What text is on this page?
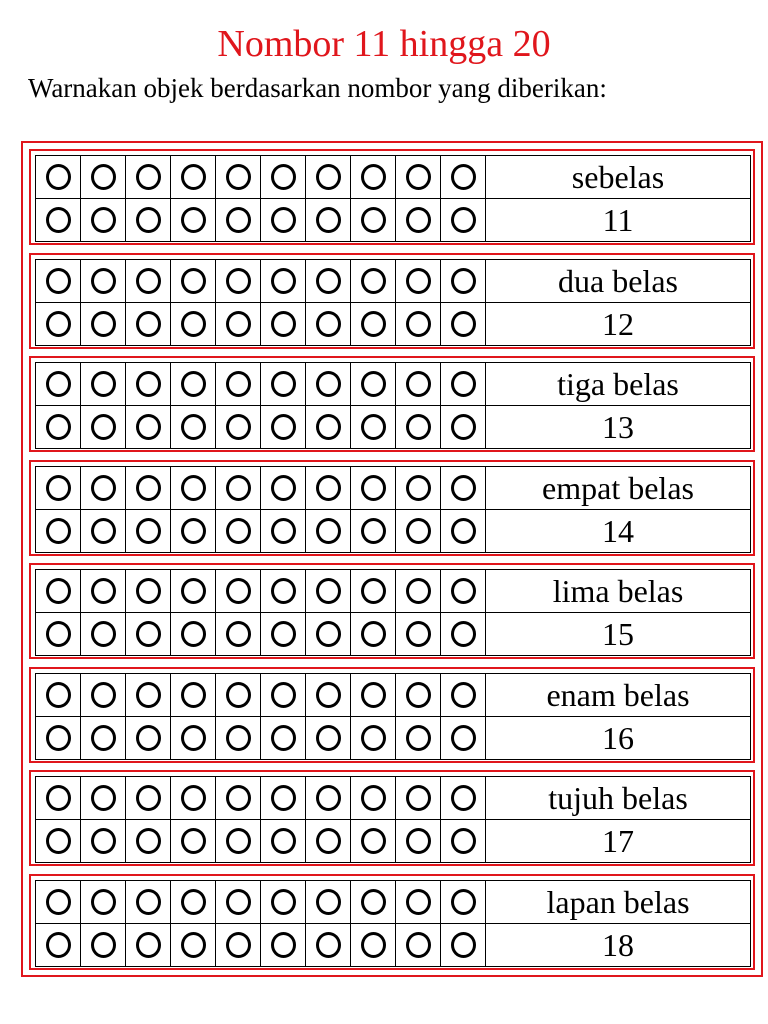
Nombor 11 hingga 20

Warnakan objek berdasarkan nombor yang diberikan:

										sebelas
										11
										dua belas
										12
										tiga belas
										13
										empat belas
										14
										lima belas
										15
										enam belas
										16
										tujuh belas
										17
										lapan belas
										18
